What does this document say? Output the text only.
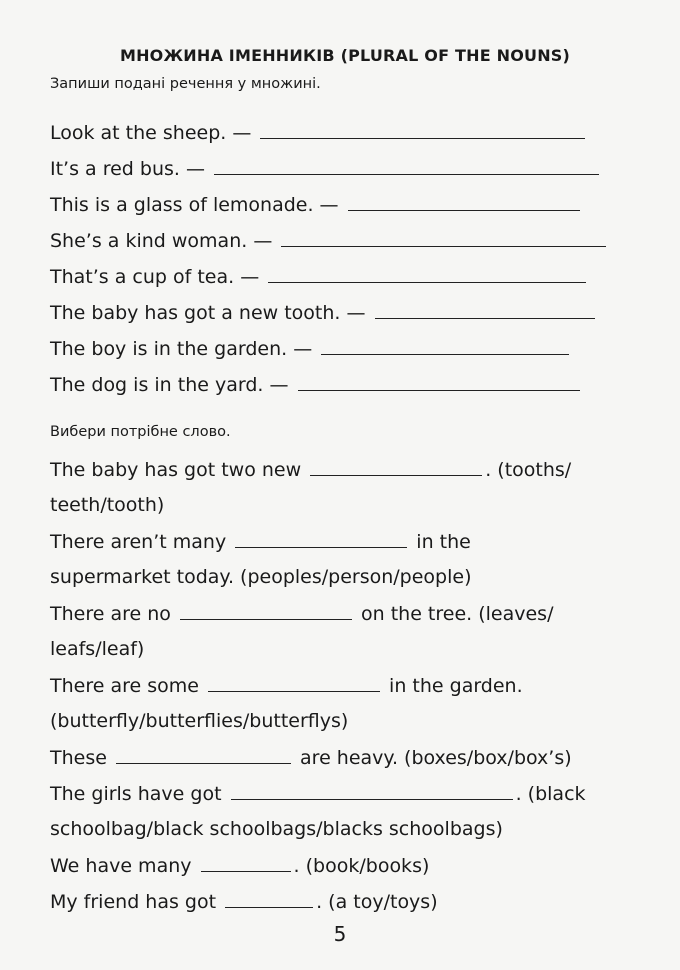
МНОЖИНА ІМЕННИКІВ (PLURAL OF THE NOUNS)
Запиши подані речення у множині.
Look at the sheep. —
It’s a red bus. —
This is a glass of lemonade. —
She’s a kind woman. —
That’s a cup of tea. —
The baby has got a new tooth. —
The boy is in the garden. —
The dog is in the yard. —
Вибери потрібне слово.
The baby has got two new	. (tooths/
teeth/tooth)
There aren’t many	in the
supermarket today. (peoples/person/people)
There are no	on the tree. (leaves/
leafs/leaf)
There are some	in the garden.
(butterfly/butterflies/butterflys)
These	are heavy. (boxes/box/box’s)
The girls have got	. (black
schoolbag/black schoolbags/blacks schoolbags)
We have many	. (book/books)
My friend has got	. (a toy/toys)
5
